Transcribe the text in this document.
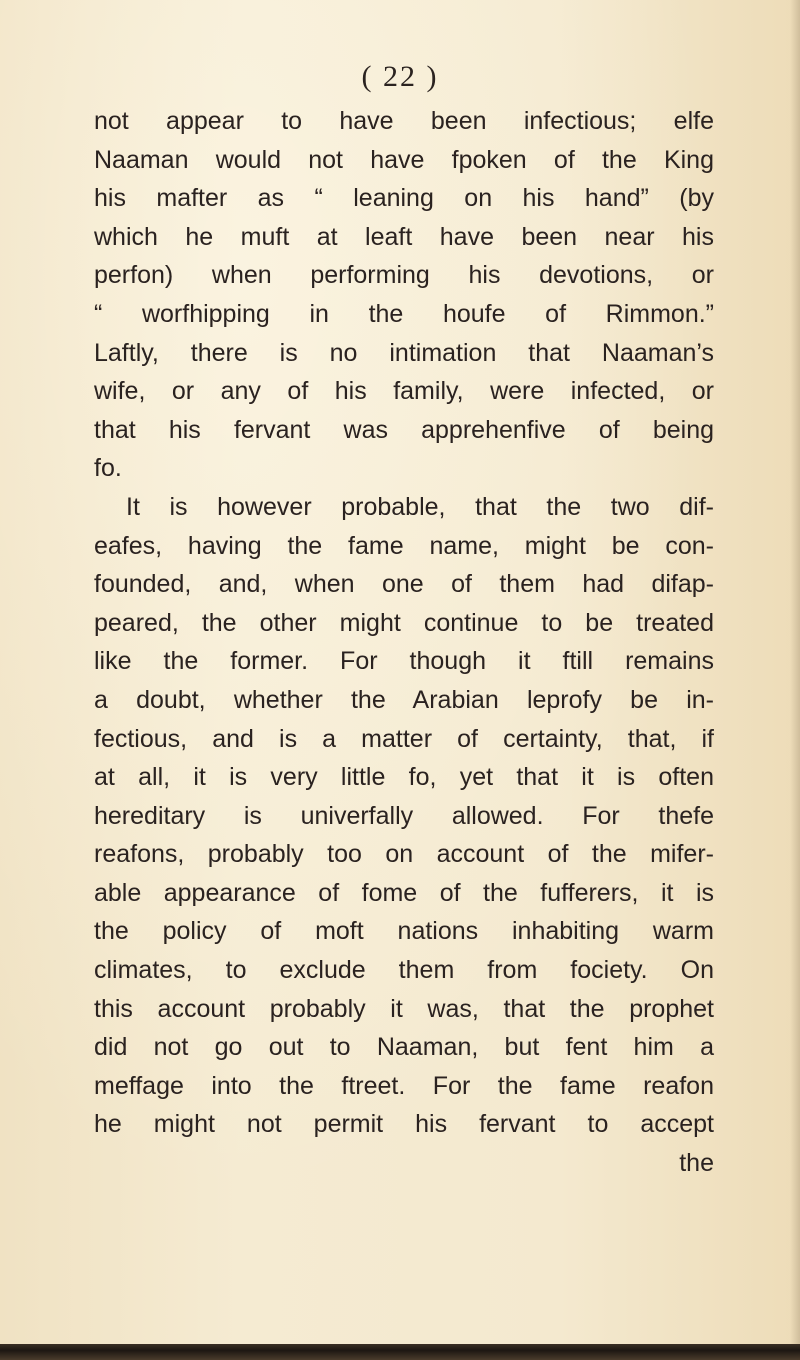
( 22 )
not appear to have been infectious; elfe
Naaman would not have fpoken of the King
his mafter as “ leaning on his hand” (by
which he muft at leaft have been near his
perfon) when performing his devotions, or
“ worfhipping in the houfe of Rimmon.”
Laftly, there is no intimation that Naaman’s
wife, or any of his family, were infected, or
that his fervant was apprehenfive of being
fo.
It is however probable, that the two dif-
eafes, having the fame name, might be con-
founded, and, when one of them had difap-
peared, the other might continue to be treated
like the former. For though it ftill remains
a doubt, whether the Arabian leprofy be in-
fectious, and is a matter of certainty, that, if
at all, it is very little fo, yet that it is often
hereditary is univerfally allowed. For thefe
reafons, probably too on account of the mifer-
able appearance of fome of the fufferers, it is
the policy of moft nations inhabiting warm
climates, to exclude them from fociety. On
this account probably it was, that the prophet
did not go out to Naaman, but fent him a
meffage into the ftreet. For the fame reafon
he might not permit his fervant to accept
the
